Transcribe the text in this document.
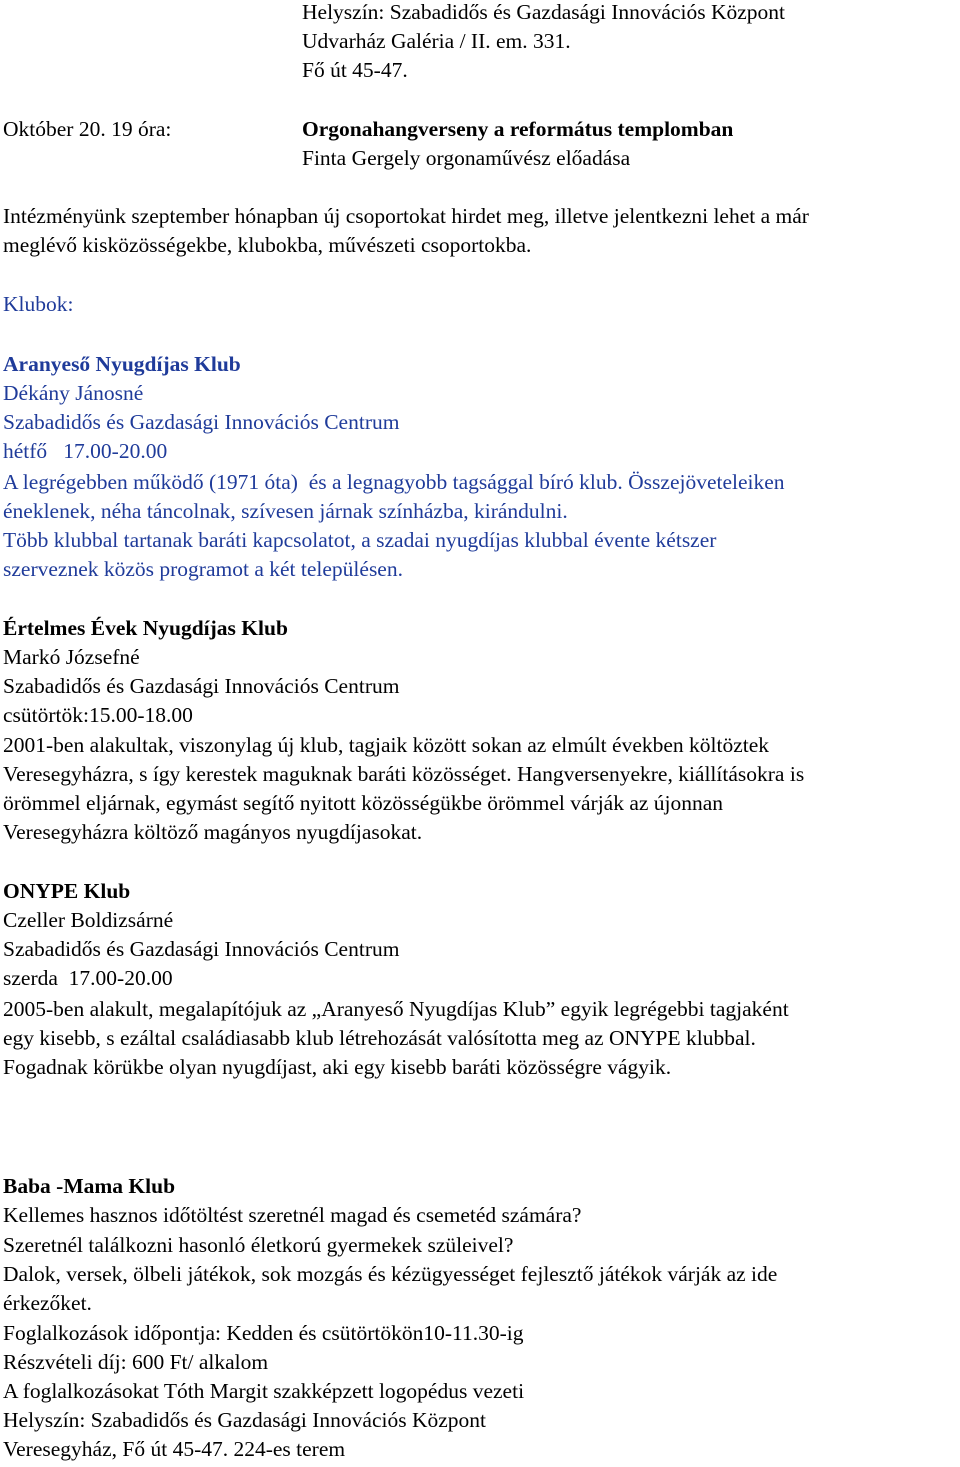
Helyszín: Szabadidős és Gazdasági Innovációs Központ
Udvarház Galéria / II. em. 331.
Fő út 45-47.
Október 20. 19 óra:	Orgonahangverseny a református templomban
Finta Gergely orgonaművész előadása
Intézményünk szeptember hónapban új csoportokat hirdet meg, illetve jelentkezni lehet a már
meglévő kisközösségekbe, klubokba, művészeti csoportokba.
Klubok:
Aranyeső Nyugdíjas Klub
Dékány Jánosné
Szabadidős és Gazdasági Innovációs Centrum
hétfő   17.00-20.00
A legrégebben működő (1971 óta)  és a legnagyobb tagsággal bíró klub. Összejöveteleiken
éneklenek, néha táncolnak, szívesen járnak színházba, kirándulni.
Több klubbal tartanak baráti kapcsolatot, a szadai nyugdíjas klubbal évente kétszer
szerveznek közös programot a két településen.
Értelmes Évek Nyugdíjas Klub
Markó Józsefné
Szabadidős és Gazdasági Innovációs Centrum
csütörtök:15.00-18.00
2001-ben alakultak, viszonylag új klub, tagjaik között sokan az elmúlt években költöztek
Veresegyházra, s így kerestek maguknak baráti közösséget. Hangversenyekre, kiállításokra is
örömmel eljárnak, egymást segítő nyitott közösségükbe örömmel várják az újonnan
Veresegyházra költöző magányos nyugdíjasokat.
ONYPE Klub
Czeller Boldizsárné
Szabadidős és Gazdasági Innovációs Centrum
szerda  17.00-20.00
2005-ben alakult, megalapítójuk az „Aranyeső Nyugdíjas Klub” egyik legrégebbi tagjaként
egy kisebb, s ezáltal családiasabb klub létrehozását valósította meg az ONYPE klubbal.
Fogadnak körükbe olyan nyugdíjast, aki egy kisebb baráti közösségre vágyik.
Baba -Mama Klub
Kellemes hasznos időtöltést szeretnél magad és csemetéd számára?
Szeretnél találkozni hasonló életkorú gyermekek szüleivel?
Dalok, versek, ölbeli játékok, sok mozgás és kézügyességet fejlesztő játékok várják az ide
érkezőket.
Foglalkozások időpontja: Kedden és csütörtökön10-11.30-ig
Részvételi díj: 600 Ft/ alkalom
A foglalkozásokat Tóth Margit szakképzett logopédus vezeti
Helyszín: Szabadidős és Gazdasági Innovációs Központ
Veresegyház, Fő út 45-47. 224-es terem
